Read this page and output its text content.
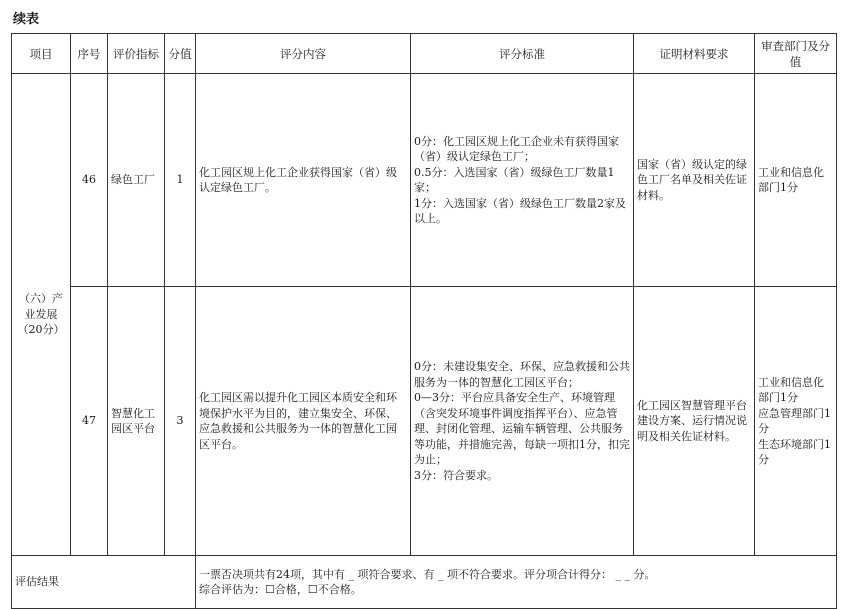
续表
项目	序号	评价指标	分值	评分内容	评分标准	证明材料要求	审查部门及分值
（六）产业发展（20分）	46	绿色工厂	1	化工园区规上化工企业获得国家（省）级认定绿色工厂。	0分：化工园区规上化工企业未有获得国家（省）级认定绿色工厂；
0.5分：入选国家（省）级绿色工厂数量1家；
1分：入选国家（省）级绿色工厂数量2家及以上。	国家（省）级认定的绿色工厂名单及相关佐证材料。	工业和信息化部门1分

	47	智慧化工园区平台	3	化工园区需以提升化工园区本质安全和环境保护水平为目的，建立集安全、环保、应急救援和公共服务为一体的智慧化工园区平台。	0分：未建设集安全、环保、应急救援和公共服务为一体的智慧化工园区平台；
0—3分：平台应具备安全生产、环境管理（含突发环境事件调度指挥平台）、应急管理、封闭化管理、运输车辆管理、公共服务等功能，并措施完善，每缺一项扣1分，扣完为止；
3分：符合要求。	化工园区智慧管理平台建设方案、运行情况说明及相关佐证材料。	工业和信息化部门1分
应急管理部门1分
生态环境部门1分

评估结果				一票否决项共有24项，其中有 _ 项符合要求、有 _ 项不符合要求。评分项合计得分： _ _ 分。
综合评估为：☐合格，☐不合格。			
